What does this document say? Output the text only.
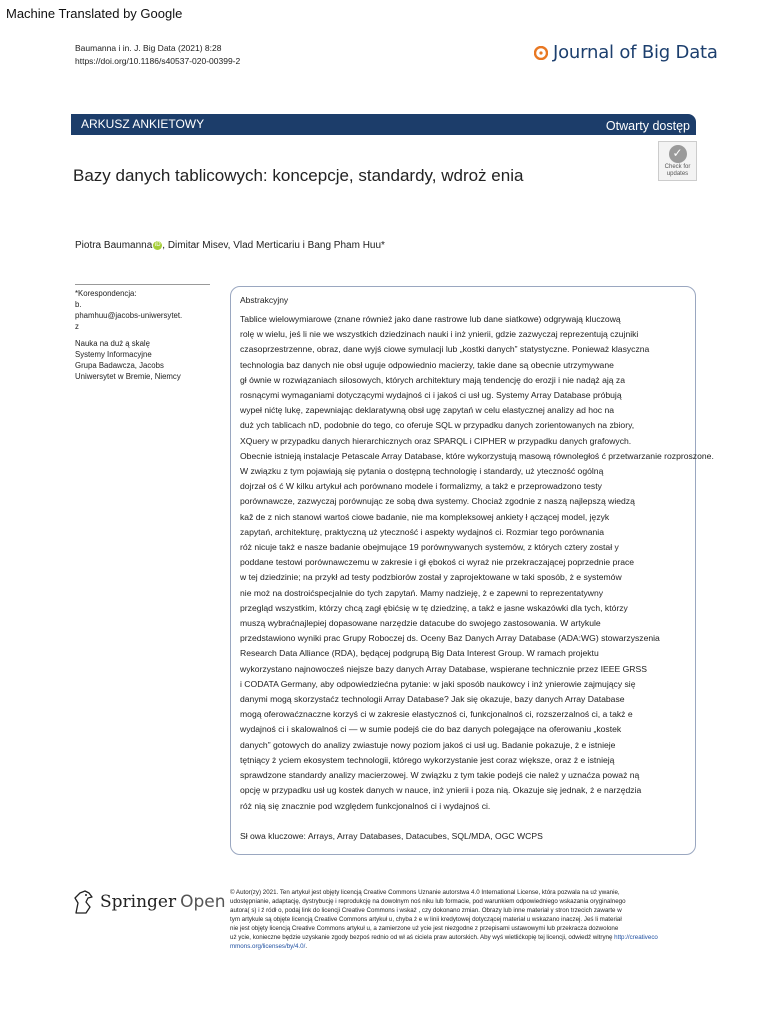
Machine Translated by Google
Baumanna i in. J. Big Data (2021) 8:28
https://doi.org/10.1186/s40537-020-00399-2	Journal of Big Data
ARKUSZ ANKIETOWY	Otwarty dostęp
✓
Check for
updates
Bazy danych tablicowych: koncepcje, standardy, wdroż enia
Piotra Baumanna iD , Dimitar Misev, Vlad Merticariu i Bang Pham Huu*
*Korespondencja:
b.
phamhuu@jacobs-uniwersytet.
z
Nauka na duż ą skalę
Systemy Informacyjne
Grupa Badawcza, Jacobs
Uniwersytet w Bremie, Niemcy
Abstrakcyjny
Tablice wielowymiarowe (znane również jako dane rastrowe lub dane siatkowe) odgrywają kluczową
rolę w wielu, jeś li nie we wszystkich dziedzinach nauki i inż ynierii, gdzie zazwyczaj reprezentują czujniki
czasoprzestrzenne, obraz, dane wyjś ciowe symulacji lub „kostki danych” statystyczne. Ponieważ klasyczna
technologia baz danych nie obsł uguje odpowiednio macierzy, takie dane są obecnie utrzymywane
gł ównie w rozwiązaniach silosowych, których architektury mają tendencję do erozji i nie nadąż ają za
rosnącymi wymaganiami dotyczącymi wydajnoś ci i jakoś ci usł ug. Systemy Array Database próbują
wypeł nićtę lukę, zapewniając deklaratywną obsł ugę zapytań w celu elastycznej analizy ad hoc na
duż ych tablicach nD, podobnie do tego, co oferuje SQL w przypadku danych zorientowanych na zbiory,
XQuery w przypadku danych hierarchicznych oraz SPARQL i CIPHER w przypadku danych grafowych.
Obecnie istnieją instalacje Petascale Array Database, które wykorzystują masową równoległoś ć przetwarzanie rozproszone.
W związku z tym pojawiają się pytania o dostępną technologię i standardy, uż yteczność ogólną
dojrzał oś ć W kilku artykuł ach porównano modele i formalizmy, a takż e przeprowadzono testy
porównawcze, zazwyczaj porównując ze sobą dwa systemy. Chociaż zgodnie z naszą najlepszą wiedzą
kaž de z nich stanowi wartoś ciowe badanie, nie ma kompleksowej ankiety ł ączącej model, język
zapytań, architekturę, praktyczną uż yteczność i aspekty wydajnoś ci. Rozmiar tego porównania
róż nicuje takż e nasze badanie obejmujące 19 porównywanych systemów, z których cztery został y
poddane testowi porównawczemu w zakresie i gł ębokoś ci wyraż nie przekraczającej poprzednie prace
w tej dziedzinie; na przykł ad testy podzbiorów został y zaprojektowane w taki sposób, ż e systemów
nie moż na dostroićspecjalnie do tych zapytań. Mamy nadzieję, ż e zapewni to reprezentatywny
przegląd wszystkim, którzy chcą zagł ębićsię w tę dziedzinę, a takż e jasne wskazówki dla tych, którzy
muszą wybraćnajlepiej dopasowane narzędzie datacube do swojego zastosowania. W artykule
przedstawiono wyniki prac Grupy Roboczej ds. Oceny Baz Danych Array Database (ADA:WG) stowarzyszenia
Research Data Alliance (RDA), będącej podgrupą Big Data Interest Group. W ramach projektu
wykorzystano najnowocześ niejsze bazy danych Array Database, wspierane technicznie przez IEEE GRSS
i CODATA Germany, aby odpowiedziećna pytanie: w jaki sposób naukowcy i inż ynierowie zajmujący się
danymi mogą skorzystaćz technologii Array Database? Jak się okazuje, bazy danych Array Database
mogą oferowaćznaczne korzyś ci w zakresie elastycznoś ci, funkcjonalnoś ci, rozszerzalnoś ci, a takż e
wydajnoś ci i skalowalnoś ci — w sumie podejś cie do baz danych polegające na oferowaniu „kostek
danych” gotowych do analizy zwiastuje nowy poziom jakoś ci usł ug. Badanie pokazuje, ż e istnieje
tętniący ż yciem ekosystem technologii, którego wykorzystanie jest coraz większe, oraz ż e istnieją
sprawdzone standardy analizy macierzowej. W związku z tym takie podejś cie należ y uznaćza poważ ną
opcję w przypadku usł ug kostek danych w nauce, inż ynierii i poza nią. Okazuje się jednak, ż e narzędzia
róż nią się znacznie pod względem funkcjonalnoś ci i wydajnoś ci.
Sł owa kluczowe: Arrays, Array Databases, Datacubes, SQL/MDA, OGC WCPS
Springer Open © Autor(zy) 2021. Ten artykuł jest objęty licencją Creative Commons Uznanie autorstwa 4.0 International License, która pozwala na uż ywanie,
udostępnianie, adaptację, dystrybucję i reprodukcję na dowolnym noś niku lub formacie, pod warunkiem odpowiedniego wskazania oryginalnego
autora( s) i ź ródł o, podaj link do licencji Creative Commons i wskaż , czy dokonano zmian. Obrazy lub inne materiał y stron trzecich zawarte w
tym artykule są objęte licencją Creative Commons artykuł u, chyba ż e w linii kredytowej dotyczącej materiał u wskazano inaczej. Jeś li materiał
nie jest objęty licencją Creative Commons artykuł u, a zamierzone uż ycie jest niezgodne z przepisami ustawowymi lub przekracza dozwolone
uż ycie, konieczne będzie uzyskanie zgody bezpoś rednio od wł aś ciciela praw autorskich. Aby wyś wietlićkopię tej licencji, odwiedź witrynę http://creativeco
mmons.org/licenses/by/4.0/.
